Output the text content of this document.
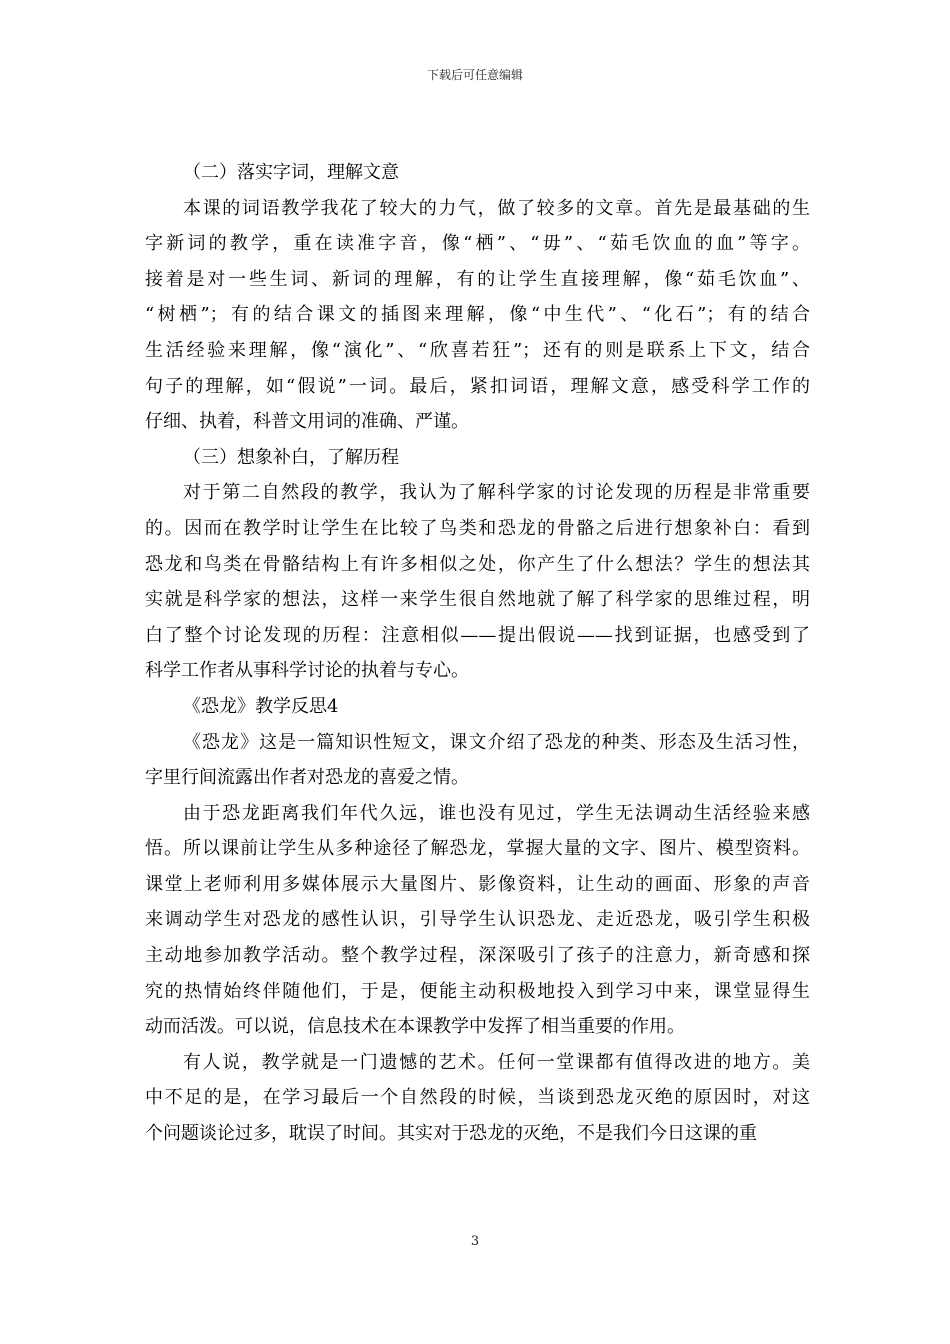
下载后可任意编辑
（二）落实字词，理解文意
本课的词语教学我花了较大的力气，做了较多的文章。首先是最基础的生
字新词的教学，重在读准字音，像“栖”、“毋”、“茹毛饮血的血”等字。
接着是对一些生词、新词的理解，有的让学生直接理解，像“茹毛饮血”、
“树栖”；有的结合课文的插图来理解，像“中生代”、“化石”；有的结合
生活经验来理解，像“演化”、“欣喜若狂”；还有的则是联系上下文，结合
句子的理解，如“假说”一词。最后，紧扣词语，理解文意，感受科学工作的
仔细、执着，科普文用词的准确、严谨。
（三）想象补白，了解历程
对于第二自然段的教学，我认为了解科学家的讨论发现的历程是非常重要
的。因而在教学时让学生在比较了鸟类和恐龙的骨骼之后进行想象补白：看到
恐龙和鸟类在骨骼结构上有许多相似之处，你产生了什么想法？学生的想法其
实就是科学家的想法，这样一来学生很自然地就了解了科学家的思维过程，明
白了整个讨论发现的历程：注意相似——提出假说——找到证据，也感受到了
科学工作者从事科学讨论的执着与专心。
《恐龙》教学反思4
《恐龙》这是一篇知识性短文，课文介绍了恐龙的种类、形态及生活习性，
字里行间流露出作者对恐龙的喜爱之情。
由于恐龙距离我们年代久远，谁也没有见过，学生无法调动生活经验来感
悟。所以课前让学生从多种途径了解恐龙，掌握大量的文字、图片、模型资料。
课堂上老师利用多媒体展示大量图片、影像资料，让生动的画面、形象的声音
来调动学生对恐龙的感性认识，引导学生认识恐龙、走近恐龙，吸引学生积极
主动地参加教学活动。整个教学过程，深深吸引了孩子的注意力，新奇感和探
究的热情始终伴随他们，于是，便能主动积极地投入到学习中来，课堂显得生
动而活泼。可以说，信息技术在本课教学中发挥了相当重要的作用。
有人说，教学就是一门遗憾的艺术。任何一堂课都有值得改进的地方。美
中不足的是，在学习最后一个自然段的时候，当谈到恐龙灭绝的原因时，对这
个问题谈论过多，耽误了时间。其实对于恐龙的灭绝，不是我们今日这课的重
3
